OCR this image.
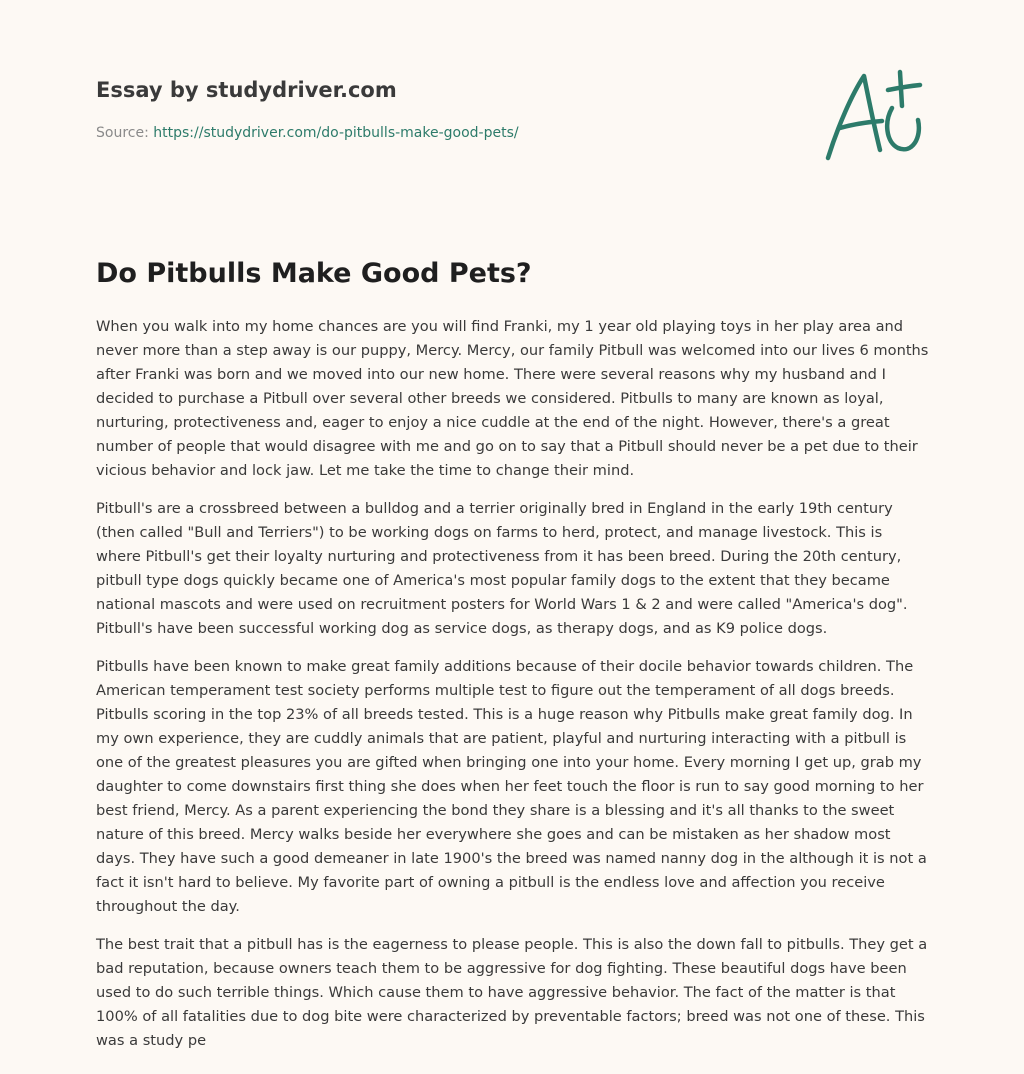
Essay by studydriver.com
Source: https://studydriver.com/do-pitbulls-make-good-pets/
Do Pitbulls Make Good Pets?

When you walk into my home chances are you will find Franki, my 1 year old playing toys in her play area and never more than a step away is our puppy, Mercy. Mercy, our family Pitbull was welcomed into our lives 6 months after Franki was born and we moved into our new home. There were several reasons why my husband and I decided to purchase a Pitbull over several other breeds we considered. Pitbulls to many are known as loyal, nurturing, protectiveness and, eager to enjoy a nice cuddle at the end of the night. However, there's a great number of people that would disagree with me and go on to say that a Pitbull should never be a pet due to their vicious behavior and lock jaw. Let me take the time to change their mind.

Pitbull's are a crossbreed between a bulldog and a terrier originally bred in England in the early 19th century (then called "Bull and Terriers") to be working dogs on farms to herd, protect, and manage livestock. This is where Pitbull's get their loyalty nurturing and protectiveness from it has been breed. During the 20th century, pitbull type dogs quickly became one of America's most popular family dogs to the extent that they became national mascots and were used on recruitment posters for World Wars 1 & 2 and were called "America's dog". Pitbull's have been successful working dog as service dogs, as therapy dogs, and as K9 police dogs.

Pitbulls have been known to make great family additions because of their docile behavior towards children. The American temperament test society performs multiple test to figure out the temperament of all dogs breeds. Pitbulls scoring in the top 23% of all breeds tested. This is a huge reason why Pitbulls make great family dog. In my own experience, they are cuddly animals that are patient, playful and nurturing interacting with a pitbull is one of the greatest pleasures you are gifted when bringing one into your home. Every morning I get up, grab my daughter to come downstairs first thing she does when her feet touch the floor is run to say good morning to her best friend, Mercy. As a parent experiencing the bond they share is a blessing and it's all thanks to the sweet nature of this breed. Mercy walks beside her everywhere she goes and can be mistaken as her shadow most days. They have such a good demeaner in late 1900's the breed was named nanny dog in the although it is not a fact it isn't hard to believe. My favorite part of owning a pitbull is the endless love and affection you receive throughout the day.

The best trait that a pitbull has is the eagerness to please people. This is also the down fall to pitbulls. They get a bad reputation, because owners teach them to be aggressive for dog fighting. These beautiful dogs have been used to do such terrible things. Which cause them to have aggressive behavior. The fact of the matter is that 100% of all fatalities due to dog bite were characterized by preventable factors; breed was not one of these. This was a study pe
